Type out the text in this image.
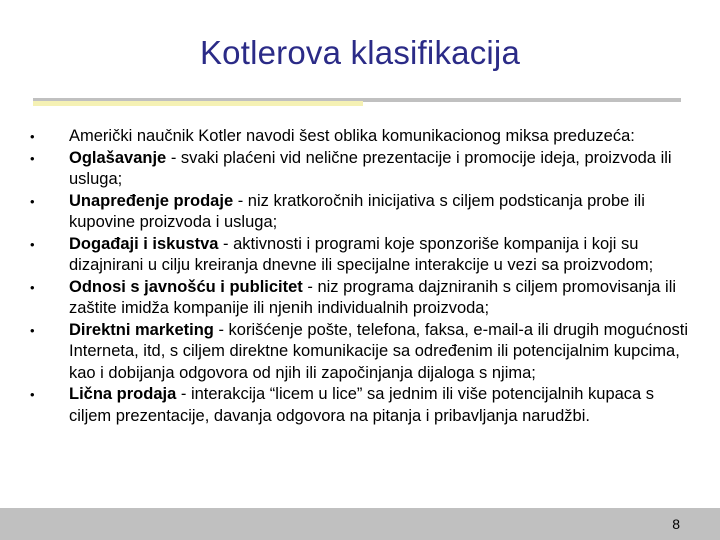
Kotlerova klasifikacija
• Američki naučnik Kotler navodi šest oblika komunikacionog miksa preduzeća:
• Oglašavanje - svaki plaćeni vid nelične prezentacije i promocije ideja, proizvoda ili usluga;
• Unapređenje prodaje - niz kratkoročnih inicijativa s ciljem podsticanja probe ili kupovine proizvoda i usluga;
• Događaji i iskustva - aktivnosti i programi koje sponzoriše kompanija i koji su dizajnirani u cilju kreiranja dnevne ili specijalne interakcije u vezi sa proizvodom;
• Odnosi s javnošću i publicitet - niz programa dajzniranih s ciljem promovisanja ili zaštite imidža kompanije ili njenih individualnih proizvoda;
• Direktni marketing - korišćenje pošte, telefona, faksa, e-mail-a ili drugih mogućnosti Interneta, itd, s ciljem direktne komunikacije sa određenim ili potencijalnim kupcima, kao i dobijanja odgovora od njih ili započinjanja dijaloga s njima;
• Lična prodaja - interakcija “licem u lice” sa jednim ili više potencijalnih kupaca s ciljem prezentacije, davanja odgovora na pitanja i pribavljanja narudžbi.
8
